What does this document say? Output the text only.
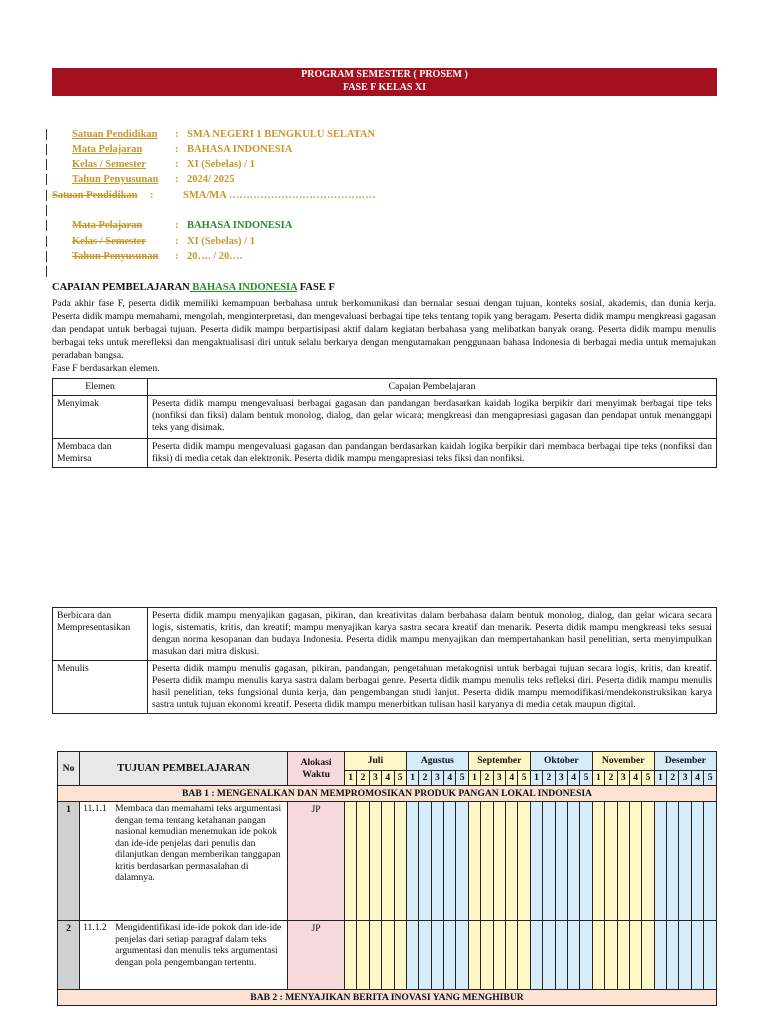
PROGRAM SEMESTER ( PROSEM )
FASE F KELAS XI
Satuan Pendidikan : SMA NEGERI 1 BENGKULU SELATAN
Mata Pelajaran	: BAHASA INDONESIA
Kelas / Semester	: XI (Sebelas) / 1
Tahun Penyusunan : 2024/ 2025
Satuan Pendidikan :	SMA/MA ……………………………………
Mata Pelajaran	: BAHASA INDONESIA
Kelas / Semester	: XI (Sebelas) / 1
Tahun Penyusunan : 20…. / 20….
CAPAIAN PEMBELAJARAN BAHASA INDONESIA FASE F
Pada akhir fase F, peserta didik memiliki kemampuan berbahasa untuk berkomunikasi dan bernalar sesuai dengan tujuan, konteks sosial, akademis, dan dunia kerja. Peserta didik mampu memahami, mengolah, menginterpretasi, dan mengevaluasi berbagai tipe teks tentang topik yang beragam. Peserta didik mampu mengkreasi gagasan dan pendapat untuk berbagai tujuan. Peserta didik mampu berpartisipasi aktif dalam kegiatan berbahasa yang melibatkan banyak orang. Peserta didik mampu menulis berbagai teks untuk merefleksi dan mengaktualisasi diri untuk selalu berkarya dengan mengutamakan penggunaan bahasa Indonesia di berbagai media untuk memajukan peradaban bangsa.
Fase F berdasarkan elemen.
Elemen	Capaian Pembelajaran
Menyimak	Peserta didik mampu mengevaluasi berbagai gagasan dan pandangan berdasarkan kaidah logika berpikir dari menyimak berbagai tipe teks (nonfiksi dan fiksi) dalam bentuk monolog, dialog, dan gelar wicara; mengkreasi dan mengapresiasi gagasan dan pendapat untuk menanggapi teks yang disimak.
Membaca dan Memirsa	Peserta didik mampu mengevaluasi gagasan dan pandangan berdasarkan kaidah logika berpikir dari membaca berbagai tipe teks (nonfiksi dan fiksi) di media cetak dan elektronik. Peserta didik mampu mengapresiasi teks fiksi dan nonfiksi.
Berbicara dan Mempresentasikan	Peserta didik mampu menyajikan gagasan, pikiran, dan kreativitas dalam berbahasa dalam bentuk monolog, dialog, dan gelar wicara secara logis, sistematis, kritis, dan kreatif; mampu menyajikan karya sastra secara kreatif dan menarik. Peserta didik mampu mengkreasi teks sesuai dengan norma kesopanan dan budaya Indonesia. Peserta didik mampu menyajikan dan mempertahankan hasil penelitian, serta menyimpulkan masukan dari mitra diskusi.
Menulis	Peserta didik mampu menulis gagasan, pikiran, pandangan, pengetahuan metakognisi untuk berbagai tujuan secara logis, kritis, dan kreatif. Peserta didik mampu menulis karya sastra dalam berbagai genre. Peserta didik mampu menulis teks refleksi diri. Peserta didik mampu menulis hasil penelitian, teks fungsional dunia kerja, dan pengembangan studi lanjut. Peserta didik mampu memodifikasi/mendekonstruksikan karya sastra untuk tujuan ekonomi kreatif. Peserta didik mampu menerbitkan tulisan hasil karyanya di media cetak maupun digital.
No	TUJUAN PEMBELAJARAN	Alokasi Waktu	Juli					Agustus					September					Oktober					November					Desember				
			1	2	3	4	5	1	2	3	4	5	1	2	3	4	5	1	2	3	4	5	1	2	3	4	5	1	2	3	4	5
BAB 1 : MENGENALKAN DAN MEMPROMOSIKAN PRODUK PANGAN LOKAL INDONESIA																																
1	11.1.1 Membaca dan memahami teks argumentasi dengan tema tentang ketahanan pangan nasional kemudian menemukan ide pokok dan ide-ide penjelas dari penulis dan dilanjutkan dengan memberikan tanggapan kritis berdasarkan permasalahan di dalamnya.	JP																														
2	11.1.2 Mengidentifikasi ide-ide pokok dan ide-ide penjelas dari setiap paragraf dalam teks argumentasi dan menulis teks argumentasi dengan pola pengembangan tertentu.	JP																														
BAB 2 : MENYAJIKAN BERITA INOVASI YANG MENGHIBUR																																
